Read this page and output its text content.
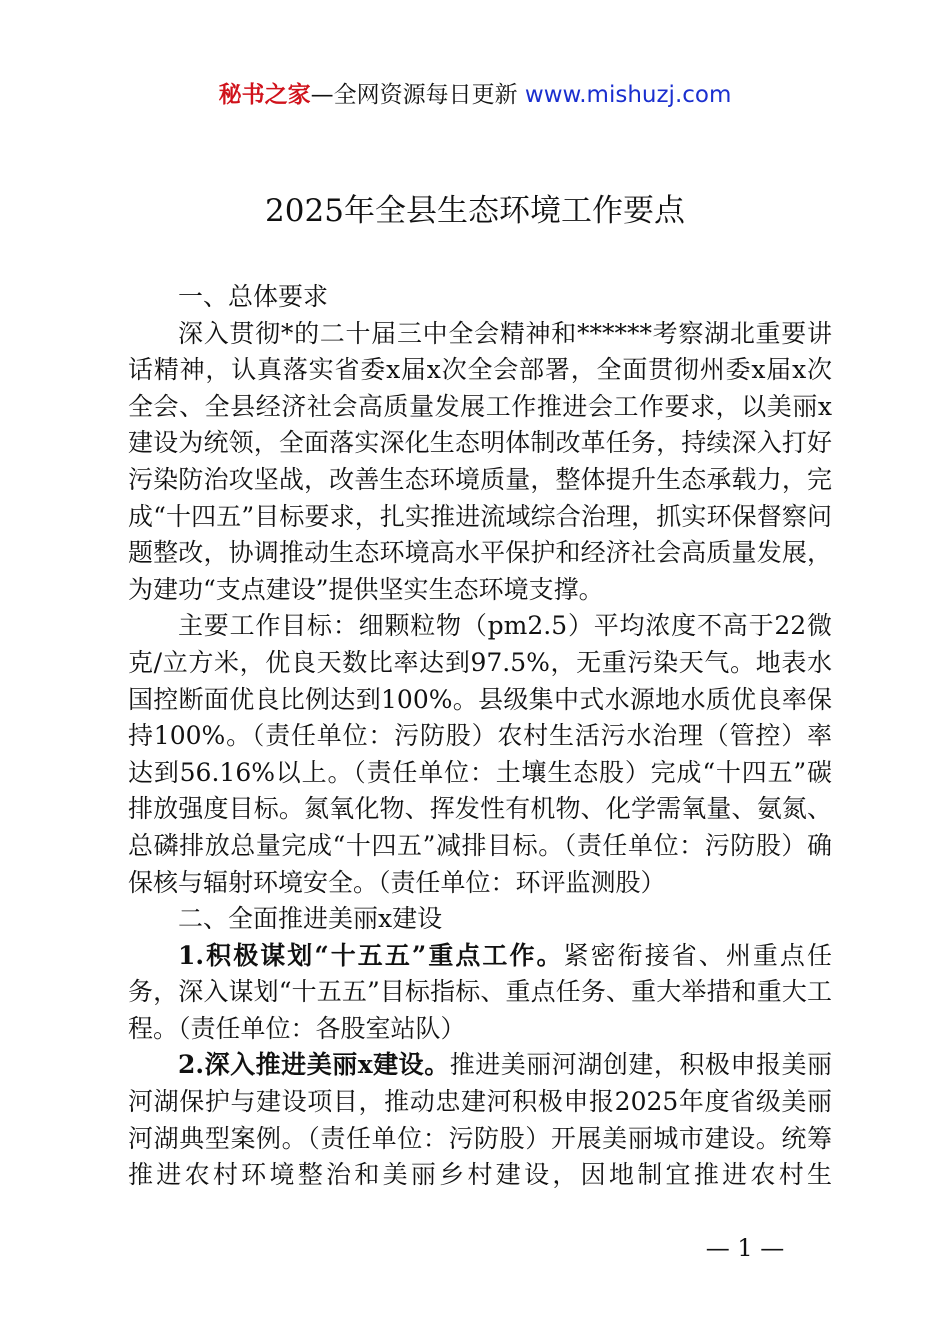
秘书之家—全网资源每日更新 www.mishuzj.com
2025年全县生态环境工作要点

一、总体要求

深入贯彻*的二十届三中全会精神和******考察湖北重要讲话精神，认真落实省委x届x次全会部署，全面贯彻州委x届x次全会、全县经济社会高质量发展工作推进会工作要求，以美丽x建设为统领，全面落实深化生态明体制改革任务，持续深入打好污染防治攻坚战，改善生态环境质量，整体提升生态承载力，完成“十四五”目标要求，扎实推进流域综合治理，抓实环保督察问题整改，协调推动生态环境高水平保护和经济社会高质量发展，为建功“支点建设”提供坚实生态环境支撑。

主要工作目标：细颗粒物（pm2.5）平均浓度不高于22微克/立方米，优良天数比率达到97.5%，无重污染天气。地表水国控断面优良比例达到100%。县级集中式水源地水质优良率保持100%。（责任单位：污防股）农村生活污水治理（管控）率达到56.16%以上。（责任单位：土壤生态股）完成“十四五”碳排放强度目标。氮氧化物、挥发性有机物、化学需氧量、氨氮、总磷排放总量完成“十四五”减排目标。（责任单位：污防股）确保核与辐射环境安全。（责任单位：环评监测股）

二、全面推进美丽x建设

1.积极谋划“十五五”重点工作。紧密衔接省、州重点任务，深入谋划“十五五”目标指标、重点任务、重大举措和重大工程。（责任单位：各股室站队）

2.深入推进美丽x建设。推进美丽河湖创建，积极申报美丽河湖保护与建设项目，推动忠建河积极申报2025年度省级美丽河湖典型案例。（责任单位：污防股）开展美丽城市建设。统筹推进农村环境整治和美丽乡村建设，因地制宜推进农村生

— 1 —
